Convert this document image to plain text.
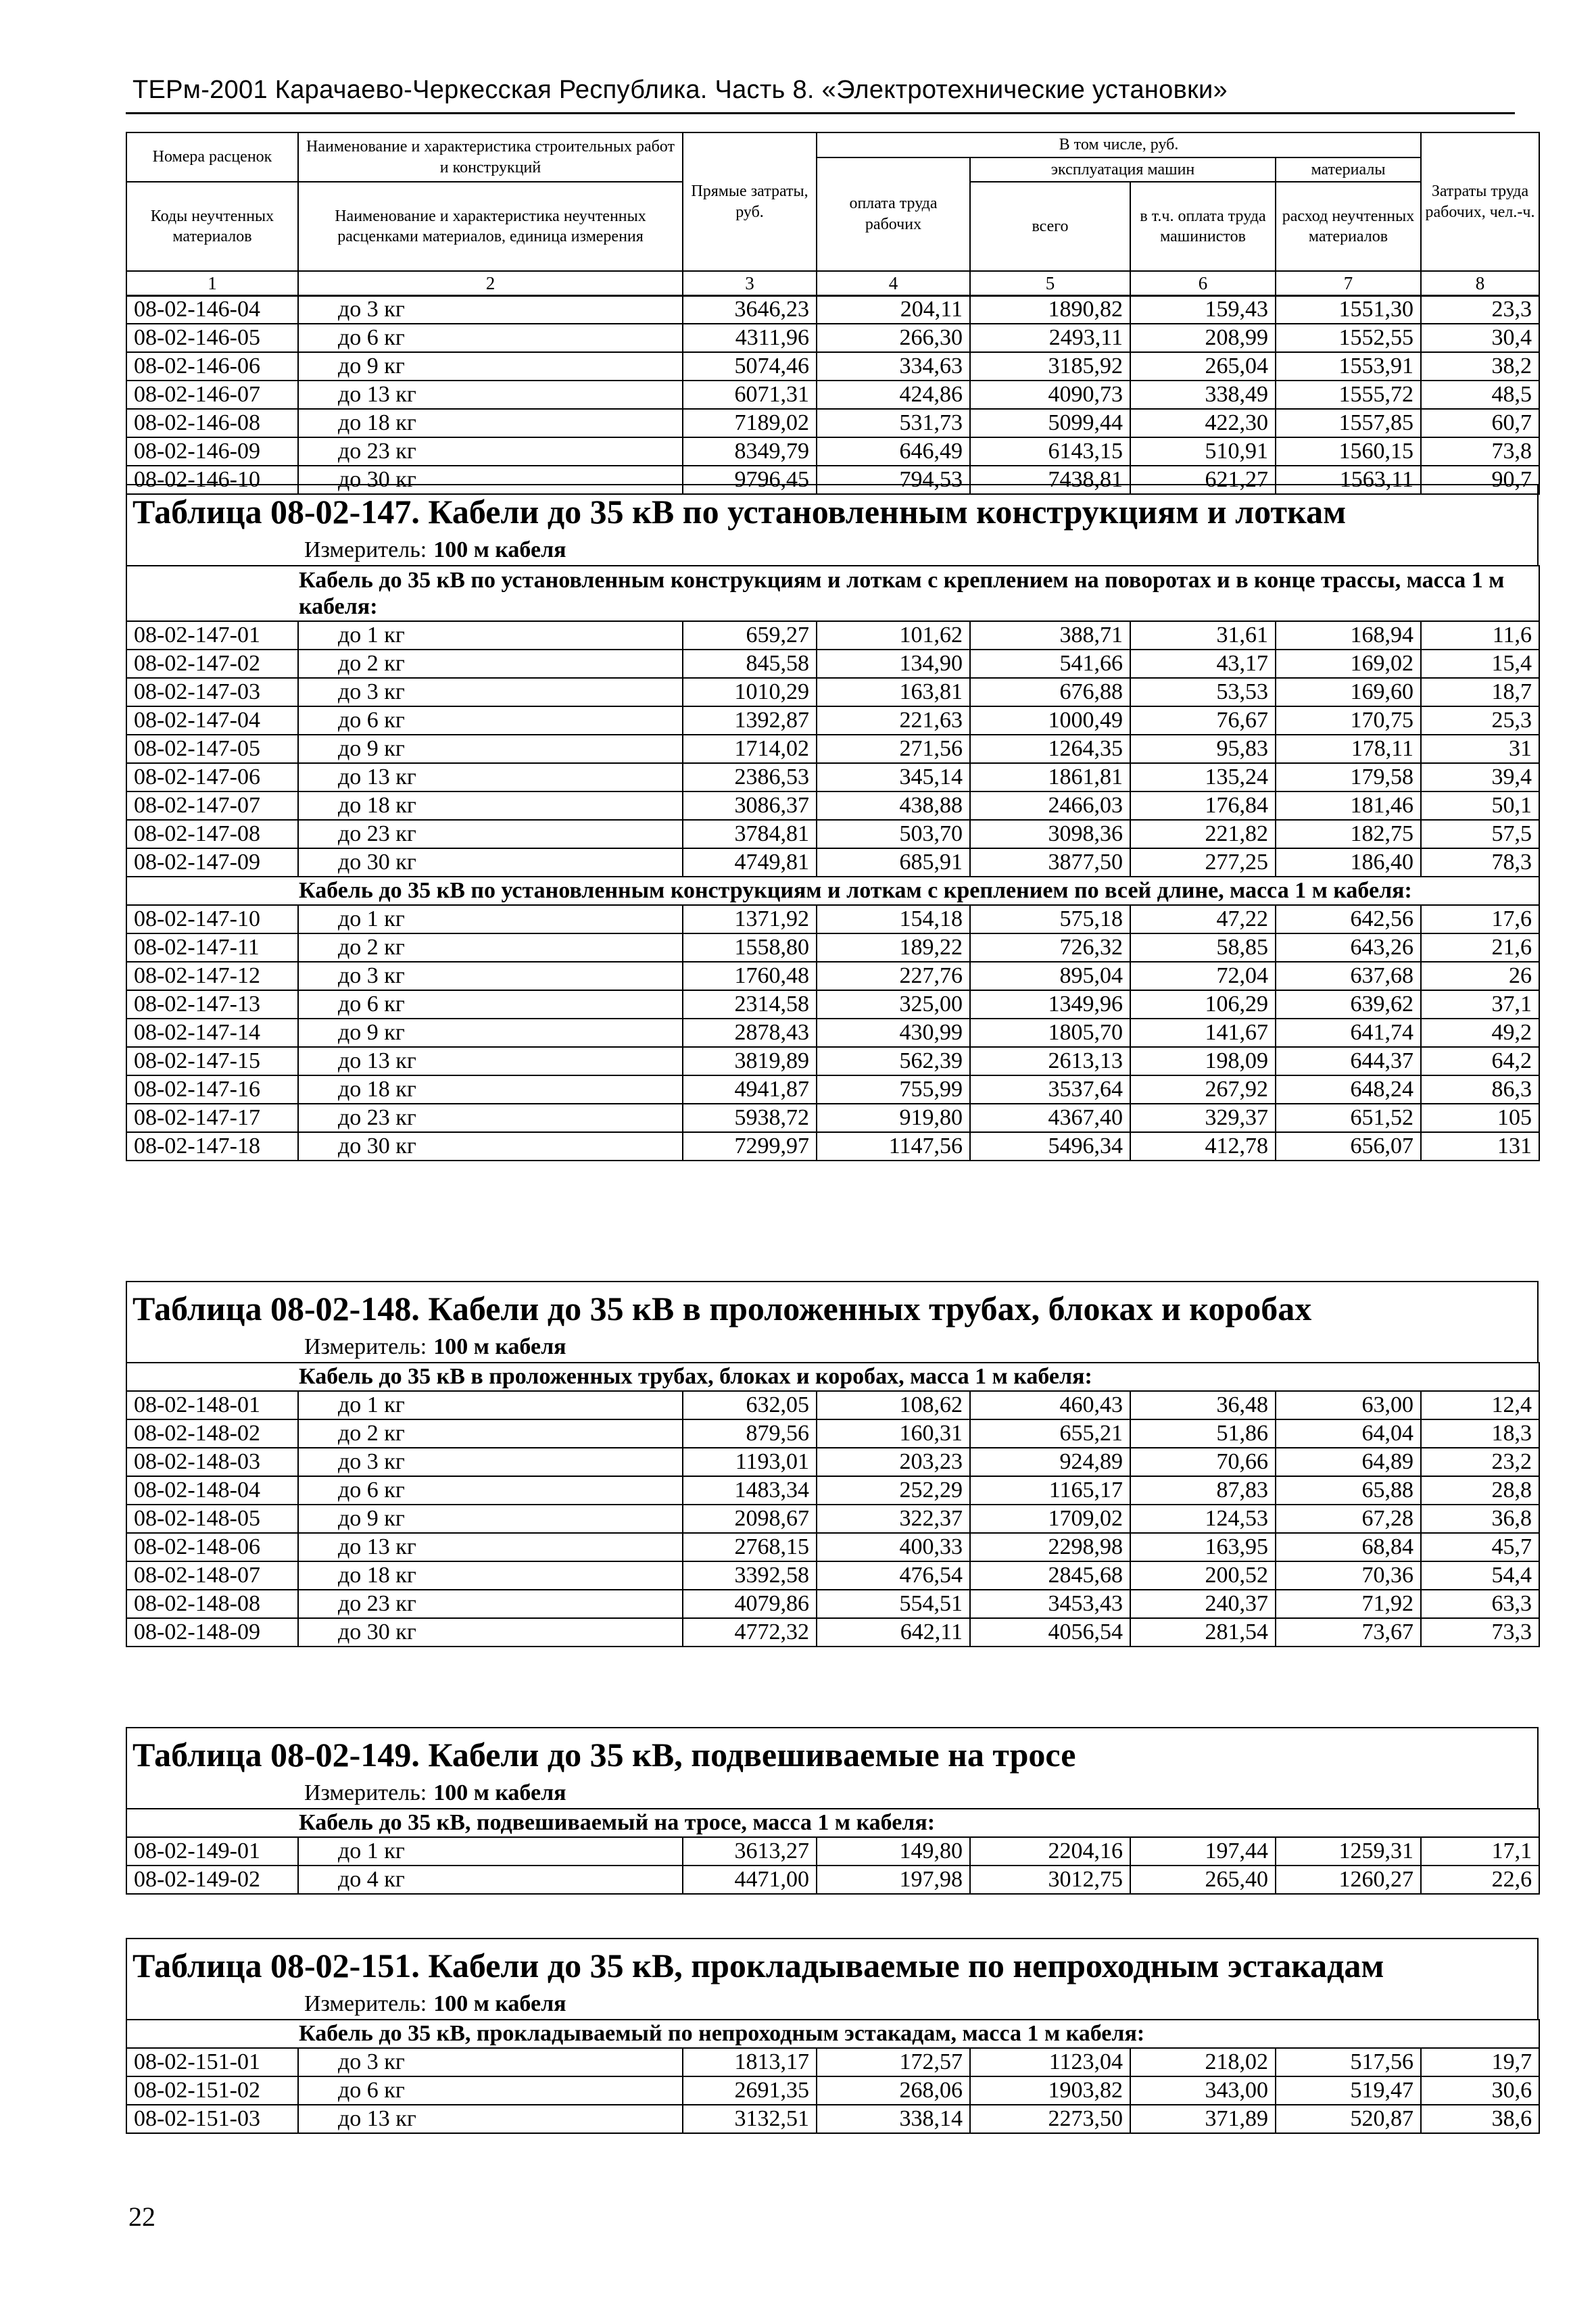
ТЕРм-2001 Карачаево-Черкесская Республика. Часть 8. «Электротехнические установки»
Номера расценок	Наименование и характеристика строительных работ и конструкций	Прямые затраты, руб.	В том числе, руб.				Затраты труда рабочих, чел.-ч.
			оплата труда рабочих	эксплуатация машин		материалы	
Коды неучтенных материалов	Наименование и характеристика неучтенных расценками материалов, единица измерения			всего	в т.ч. оплата труда машинистов	расход неучтенных материалов	

1	2	3	4	5	6	7	8
08-02-146-04	до 3 кг	3646,23	204,11	1890,82	159,43	1551,30	23,3
08-02-146-05	до 6 кг	4311,96	266,30	2493,11	208,99	1552,55	30,4
08-02-146-06	до 9 кг	5074,46	334,63	3185,92	265,04	1553,91	38,2
08-02-146-07	до 13 кг	6071,31	424,86	4090,73	338,49	1555,72	48,5
08-02-146-08	до 18 кг	7189,02	531,73	5099,44	422,30	1557,85	60,7
08-02-146-09	до 23 кг	8349,79	646,49	6143,15	510,91	1560,15	73,8
08-02-146-10	до 30 кг	9796,45	794,53	7438,81	621,27	1563,11	90,7
Таблица 08-02-147. Кабели до 35 кВ по установленным конструкциям и лоткам
Измеритель: 100 м кабеля
Кабель до 35 кВ по установленным конструкциям и лоткам с креплением на поворотах и в конце трассы, масса 1 м кабеля:							
08-02-147-01	до 1 кг	659,27	101,62	388,71	31,61	168,94	11,6
08-02-147-02	до 2 кг	845,58	134,90	541,66	43,17	169,02	15,4
08-02-147-03	до 3 кг	1010,29	163,81	676,88	53,53	169,60	18,7
08-02-147-04	до 6 кг	1392,87	221,63	1000,49	76,67	170,75	25,3
08-02-147-05	до 9 кг	1714,02	271,56	1264,35	95,83	178,11	31
08-02-147-06	до 13 кг	2386,53	345,14	1861,81	135,24	179,58	39,4
08-02-147-07	до 18 кг	3086,37	438,88	2466,03	176,84	181,46	50,1
08-02-147-08	до 23 кг	3784,81	503,70	3098,36	221,82	182,75	57,5
08-02-147-09	до 30 кг	4749,81	685,91	3877,50	277,25	186,40	78,3
Кабель до 35 кВ по установленным конструкциям и лоткам с креплением по всей длине, масса 1 м кабеля:							
08-02-147-10	до 1 кг	1371,92	154,18	575,18	47,22	642,56	17,6
08-02-147-11	до 2 кг	1558,80	189,22	726,32	58,85	643,26	21,6
08-02-147-12	до 3 кг	1760,48	227,76	895,04	72,04	637,68	26
08-02-147-13	до 6 кг	2314,58	325,00	1349,96	106,29	639,62	37,1
08-02-147-14	до 9 кг	2878,43	430,99	1805,70	141,67	641,74	49,2
08-02-147-15	до 13 кг	3819,89	562,39	2613,13	198,09	644,37	64,2
08-02-147-16	до 18 кг	4941,87	755,99	3537,64	267,92	648,24	86,3
08-02-147-17	до 23 кг	5938,72	919,80	4367,40	329,37	651,52	105
08-02-147-18	до 30 кг	7299,97	1147,56	5496,34	412,78	656,07	131
Таблица 08-02-148. Кабели до 35 кВ в проложенных трубах, блоках и коробах
Измеритель: 100 м кабеля
Кабель до 35 кВ в проложенных трубах, блоках и коробах, масса 1 м кабеля:							
08-02-148-01	до 1 кг	632,05	108,62	460,43	36,48	63,00	12,4
08-02-148-02	до 2 кг	879,56	160,31	655,21	51,86	64,04	18,3
08-02-148-03	до 3 кг	1193,01	203,23	924,89	70,66	64,89	23,2
08-02-148-04	до 6 кг	1483,34	252,29	1165,17	87,83	65,88	28,8
08-02-148-05	до 9 кг	2098,67	322,37	1709,02	124,53	67,28	36,8
08-02-148-06	до 13 кг	2768,15	400,33	2298,98	163,95	68,84	45,7
08-02-148-07	до 18 кг	3392,58	476,54	2845,68	200,52	70,36	54,4
08-02-148-08	до 23 кг	4079,86	554,51	3453,43	240,37	71,92	63,3
08-02-148-09	до 30 кг	4772,32	642,11	4056,54	281,54	73,67	73,3
Таблица 08-02-149. Кабели до 35 кВ, подвешиваемые на тросе
Измеритель: 100 м кабеля
Кабель до 35 кВ, подвешиваемый на тросе, масса 1 м кабеля:							
08-02-149-01	до 1 кг	3613,27	149,80	2204,16	197,44	1259,31	17,1
08-02-149-02	до 4 кг	4471,00	197,98	3012,75	265,40	1260,27	22,6
Таблица 08-02-151. Кабели до 35 кВ, прокладываемые по непроходным эстакадам
Измеритель: 100 м кабеля
Кабель до 35 кВ, прокладываемый по непроходным эстакадам, масса 1 м кабеля:							
08-02-151-01	до 3 кг	1813,17	172,57	1123,04	218,02	517,56	19,7
08-02-151-02	до 6 кг	2691,35	268,06	1903,82	343,00	519,47	30,6
08-02-151-03	до 13 кг	3132,51	338,14	2273,50	371,89	520,87	38,6
22
